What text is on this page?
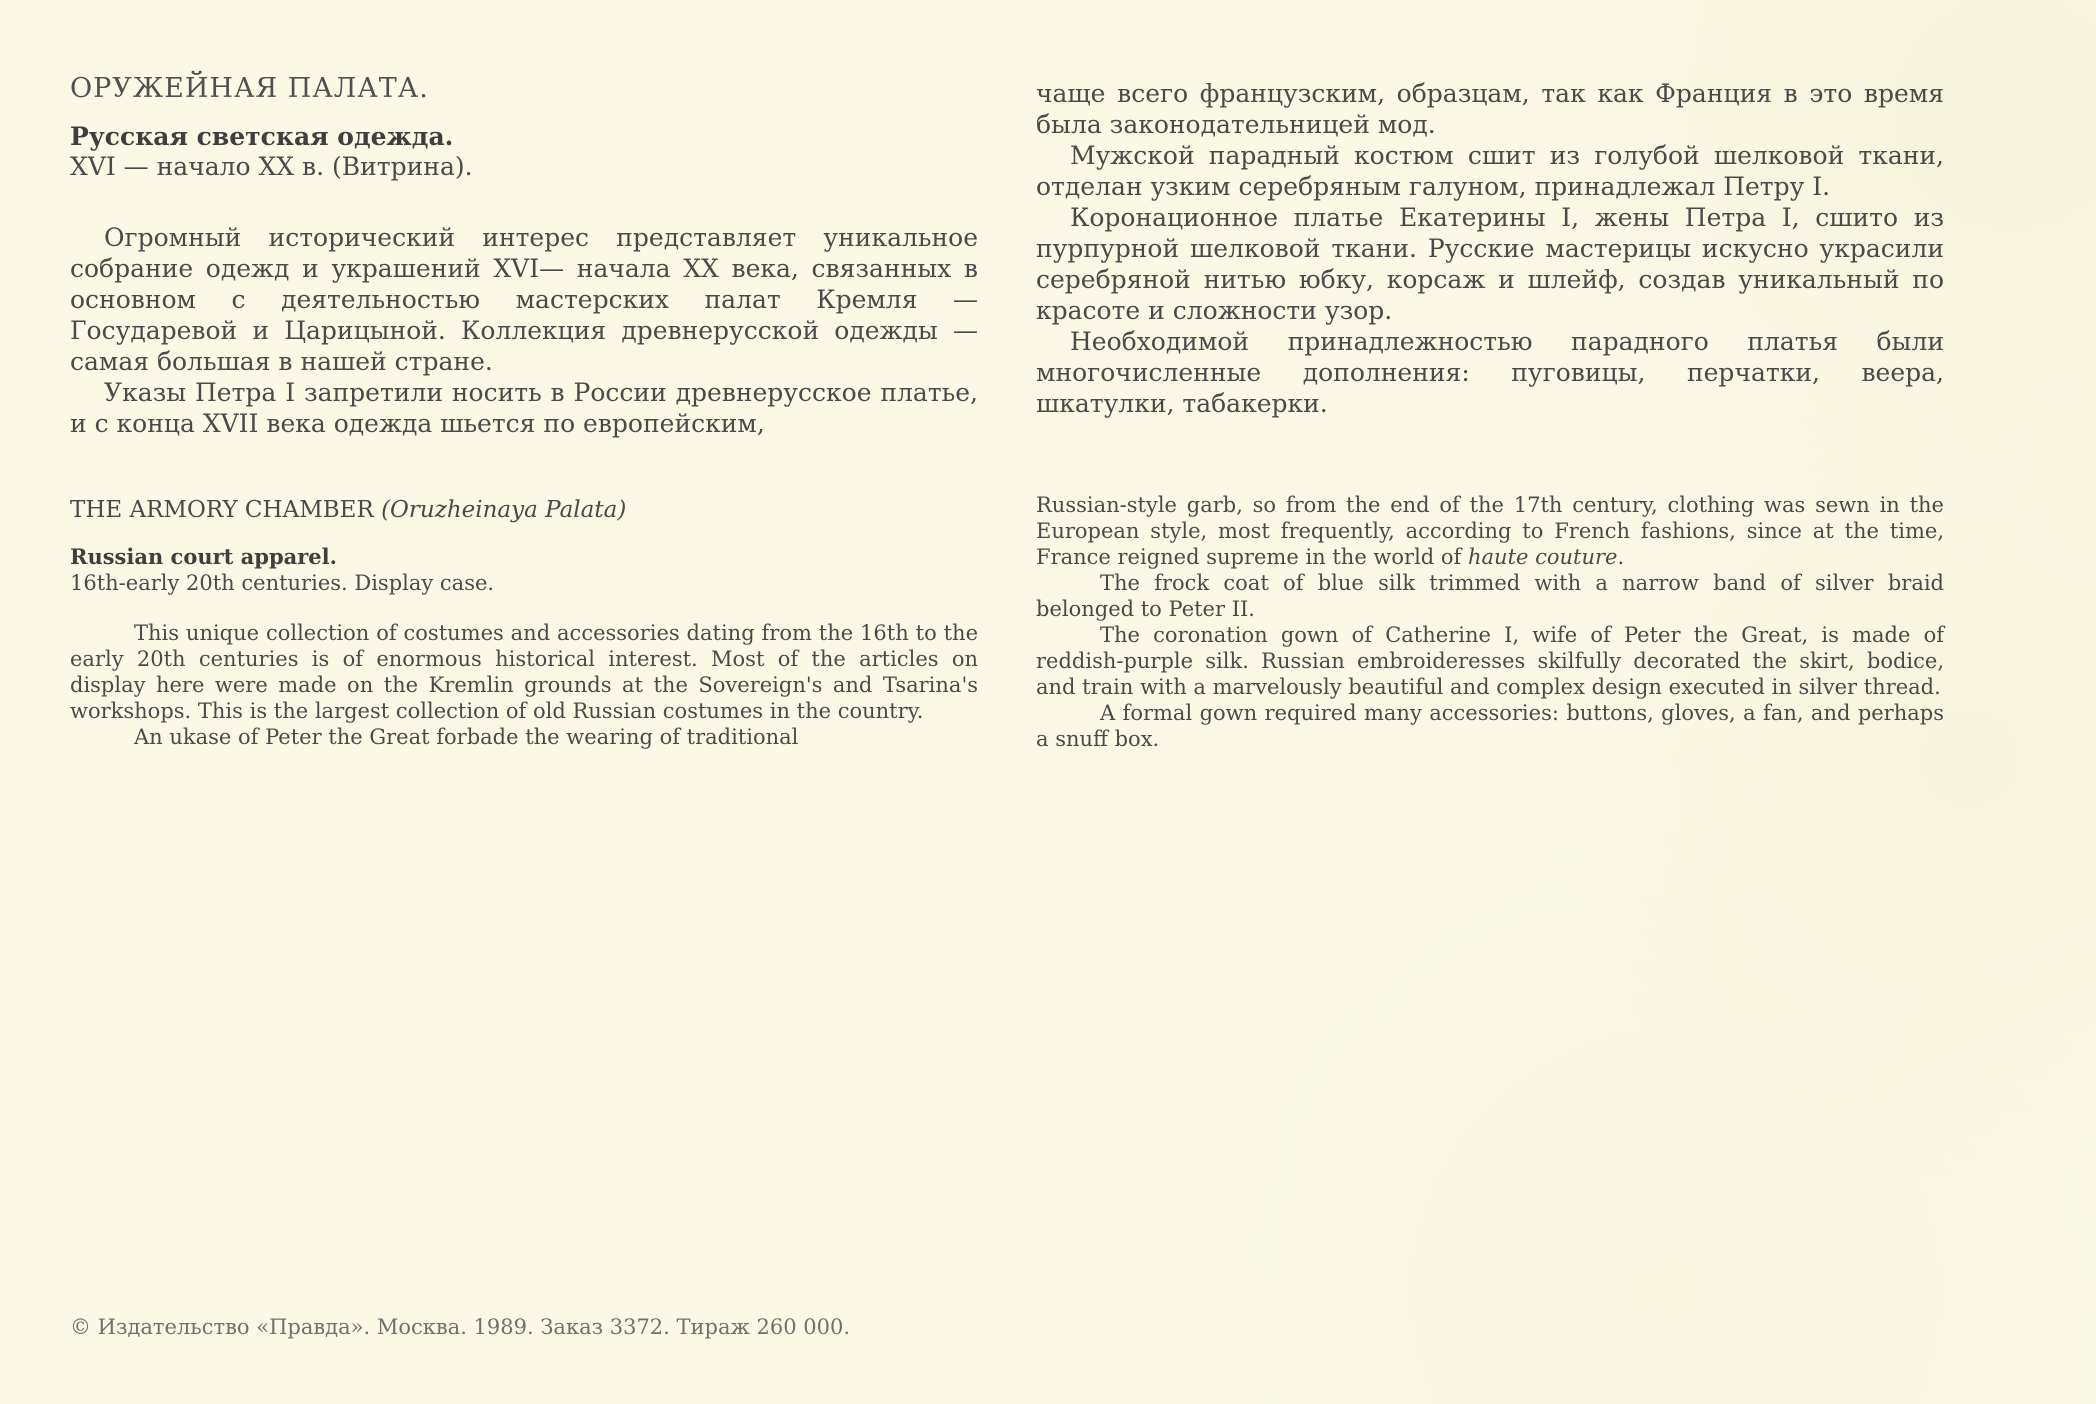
ОРУЖЕЙНАЯ ПАЛАТА.

Русская светская одежда.

XVI — начало XX в. (Витрина).

Огромный исторический интерес представляет уникальное собрание одежд и украшений XVI— начала XX века, связанных в основном с деятельностью мастерских палат Кремля — Государевой и Царицыной. Коллекция древнерусской одежды — самая большая в нашей стране.

Указы Петра I запретили носить в России древнерусское платье, и с конца XVII века одежда шьется по европейским,

THE ARMORY CHAMBER (Oruzheinaya Palata)

Russian court apparel.

16th-early 20th centuries. Display case.

This unique collection of costumes and accessories dating from the 16th to the early 20th centuries is of enormous historical interest. Most of the articles on display here were made on the Kremlin grounds at the Sovereign's and Tsarina's workshops. This is the largest collection of old Russian costumes in the country.

An ukase of Peter the Great forbade the wearing of traditional

чаще всего французским, образцам, так как Франция в это время была законодательницей мод.

Мужской парадный костюм сшит из голубой шелковой ткани, отделан узким серебряным галуном, принадлежал Петру I.

Коронационное платье Екатерины I, жены Петра I, сшито из пурпурной шелковой ткани. Русские мастерицы искусно украсили серебряной нитью юбку, корсаж и шлейф, создав уникальный по красоте и сложности узор.

Необходимой принадлежностью парадного платья были многочисленные дополнения: пуговицы, перчатки, веера, шкатулки, табакерки.

Russian-style garb, so from the end of the 17th century, clothing was sewn in the European style, most frequently, according to French fashions, since at the time, France reigned supreme in the world of haute couture.

The frock coat of blue silk trimmed with a narrow band of silver braid belonged to Peter II.

The coronation gown of Catherine I, wife of Peter the Great, is made of reddish-purple silk. Russian embroideresses skilfully decorated the skirt, bodice, and train with a marvelously beautiful and complex design executed in silver thread.

A formal gown required many accessories: buttons, gloves, a fan, and perhaps a snuff box.

© Издательство «Правда». Москва. 1989. Заказ 3372. Тираж 260 000.
